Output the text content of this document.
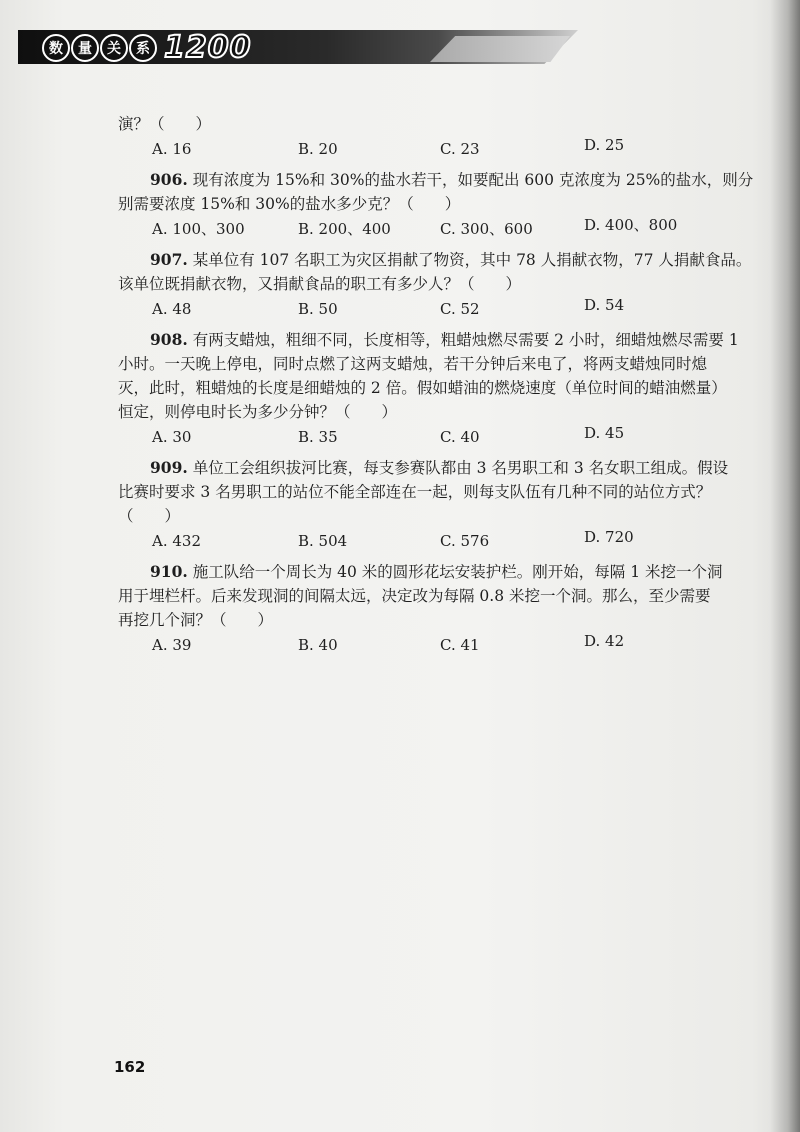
数	量	关	系 1200
演？（　　）
A. 16	B. 20	C. 23	D. 25
906. 现有浓度为 15%和 30%的盐水若干，如要配出 600 克浓度为 25%的盐水，则分
别需要浓度 15%和 30%的盐水多少克？（　　）
A. 100、300	B. 200、400	C. 300、600	D. 400、800
907. 某单位有 107 名职工为灾区捐献了物资，其中 78 人捐献衣物，77 人捐献食品。
该单位既捐献衣物，又捐献食品的职工有多少人？（　　）
A. 48	B. 50	C. 52	D. 54
908. 有两支蜡烛，粗细不同，长度相等，粗蜡烛燃尽需要 2 小时，细蜡烛燃尽需要 1
小时。一天晚上停电，同时点燃了这两支蜡烛，若干分钟后来电了，将两支蜡烛同时熄
灭，此时，粗蜡烛的长度是细蜡烛的 2 倍。假如蜡油的燃烧速度（单位时间的蜡油燃量）
恒定，则停电时长为多少分钟？（　　）
A. 30	B. 35	C. 40	D. 45
909. 单位工会组织拔河比赛，每支参赛队都由 3 名男职工和 3 名女职工组成。假设
比赛时要求 3 名男职工的站位不能全部连在一起，则每支队伍有几种不同的站位方式？
（　　）
A. 432	B. 504	C. 576	D. 720
910. 施工队给一个周长为 40 米的圆形花坛安装护栏。刚开始，每隔 1 米挖一个洞
用于埋栏杆。后来发现洞的间隔太远，决定改为每隔 0.8 米挖一个洞。那么，至少需要
再挖几个洞？（　　）
A. 39	B. 40	C. 41	D. 42
162
